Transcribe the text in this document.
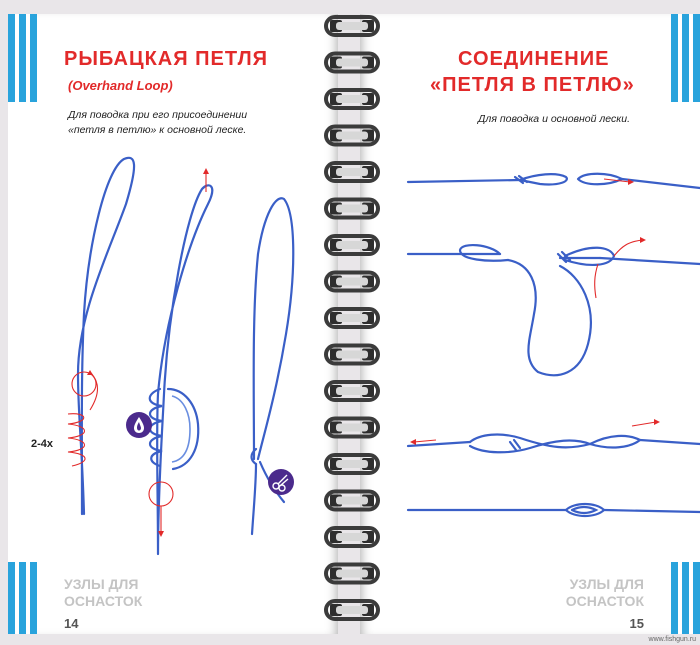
РЫБАЦКАЯ ПЕТЛЯ

(Overhand Loop)

Для поводка при его присоединении

«петля в петлю» к основной леске.

2-4х

УЗЛЫ ДЛЯ

ОСНАСТОК

14

СОЕДИНЕНИЕ
«ПЕТЛЯ В ПЕТЛЮ»

Для поводка и основной лески.

УЗЛЫ ДЛЯ

ОСНАСТОК

15

www.fishgun.ru
